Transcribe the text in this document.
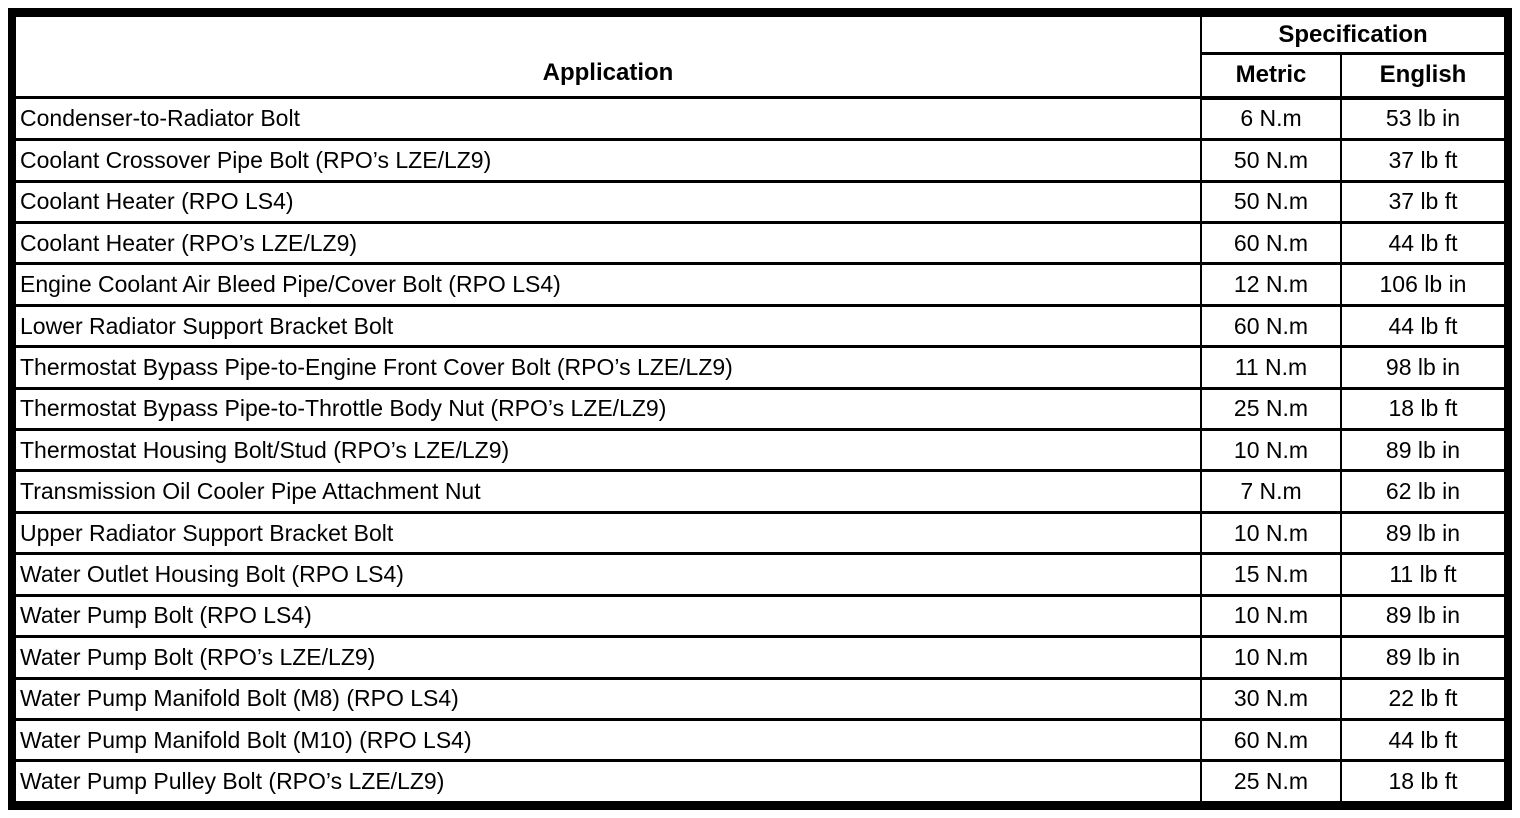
Application	Specification	
	Metric	English
Condenser-to-Radiator Bolt	6 N.m	53 lb in
Coolant Crossover Pipe Bolt (RPO’s LZE/LZ9)	50 N.m	37 lb ft
Coolant Heater (RPO LS4)	50 N.m	37 lb ft
Coolant Heater (RPO’s LZE/LZ9)	60 N.m	44 lb ft
Engine Coolant Air Bleed Pipe/Cover Bolt (RPO LS4)	12 N.m	106 lb in
Lower Radiator Support Bracket Bolt	60 N.m	44 lb ft
Thermostat Bypass Pipe-to-Engine Front Cover Bolt (RPO’s LZE/LZ9)	11 N.m	98 lb in
Thermostat Bypass Pipe-to-Throttle Body Nut (RPO’s LZE/LZ9)	25 N.m	18 lb ft
Thermostat Housing Bolt/Stud (RPO’s LZE/LZ9)	10 N.m	89 lb in
Transmission Oil Cooler Pipe Attachment Nut	7 N.m	62 lb in
Upper Radiator Support Bracket Bolt	10 N.m	89 lb in
Water Outlet Housing Bolt (RPO LS4)	15 N.m	11 lb ft
Water Pump Bolt (RPO LS4)	10 N.m	89 lb in
Water Pump Bolt (RPO’s LZE/LZ9)	10 N.m	89 lb in
Water Pump Manifold Bolt (M8) (RPO LS4)	30 N.m	22 lb ft
Water Pump Manifold Bolt (M10) (RPO LS4)	60 N.m	44 lb ft
Water Pump Pulley Bolt (RPO’s LZE/LZ9)	25 N.m	18 lb ft
